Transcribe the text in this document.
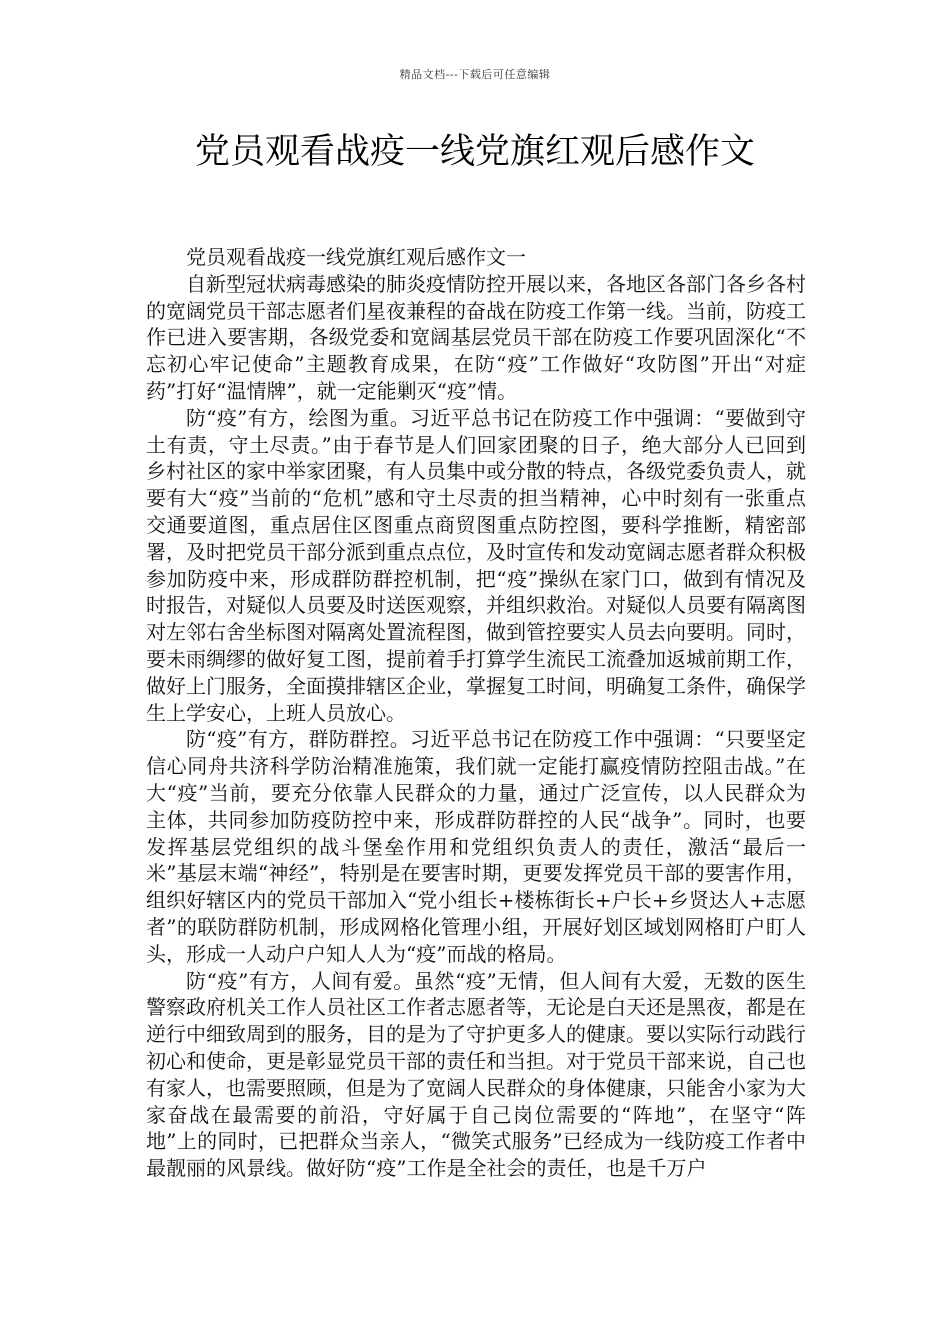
精品文档---下载后可任意编辑
党员观看战疫一线党旗红观后感作文

党员观看战疫一线党旗红观后感作文一

自新型冠状病毒感染的肺炎疫情防控开展以来，各地区各部门各乡各村的宽阔党员干部志愿者们星夜兼程的奋战在防疫工作第一线。当前，防疫工作已进入要害期，各级党委和宽阔基层党员干部在防疫工作要巩固深化“不忘初心牢记使命”主题教育成果，在防“疫”工作做好“攻防图”开出“对症药”打好“温情牌”，就一定能剿灭“疫”情。

防“疫”有方，绘图为重。习近平总书记在防疫工作中强调：“要做到守土有责，守土尽责。”由于春节是人们回家团聚的日子，绝大部分人已回到乡村社区的家中举家团聚，有人员集中或分散的特点，各级党委负责人，就要有大“疫”当前的“危机”感和守土尽责的担当精神，心中时刻有一张重点交通要道图，重点居住区图重点商贸图重点防控图，要科学推断，精密部署，及时把党员干部分派到重点点位，及时宣传和发动宽阔志愿者群众积极参加防疫中来，形成群防群控机制，把“疫”操纵在家门口，做到有情况及时报告，对疑似人员要及时送医观察，并组织救治。对疑似人员要有隔离图对左邻右舍坐标图对隔离处置流程图，做到管控要实人员去向要明。同时，要未雨绸缪的做好复工图，提前着手打算学生流民工流叠加返城前期工作，做好上门服务，全面摸排辖区企业，掌握复工时间，明确复工条件，确保学生上学安心，上班人员放心。

防“疫”有方，群防群控。习近平总书记在防疫工作中强调：“只要坚定信心同舟共济科学防治精准施策，我们就一定能打赢疫情防控阻击战。”在大“疫”当前，要充分依靠人民群众的力量，通过广泛宣传，以人民群众为主体，共同参加防疫防控中来，形成群防群控的人民“战争”。同时，也要发挥基层党组织的战斗堡垒作用和党组织负责人的责任，激活“最后一米”基层末端“神经”，特别是在要害时期，更要发挥党员干部的要害作用，组织好辖区内的党员干部加入“党小组长+楼栋街长+户长+乡贤达人+志愿者”的联防群防机制，形成网格化管理小组，开展好划区域划网格盯户盯人头，形成一人动户户知人人为“疫”而战的格局。

防“疫”有方，人间有爱。虽然“疫”无情，但人间有大爱，无数的医生警察政府机关工作人员社区工作者志愿者等，无论是白天还是黑夜，都是在逆行中细致周到的服务，目的是为了守护更多人的健康。要以实际行动践行初心和使命，更是彰显党员干部的责任和当担。对于党员干部来说，自己也有家人，也需要照顾，但是为了宽阔人民群众的身体健康，只能舍小家为大家奋战在最需要的前沿，守好属于自己岗位需要的“阵地”，在坚守“阵地”上的同时，已把群众当亲人，“微笑式服务”已经成为一线防疫工作者中最靓丽的风景线。做好防“疫”工作是全社会的责任，也是千万户
